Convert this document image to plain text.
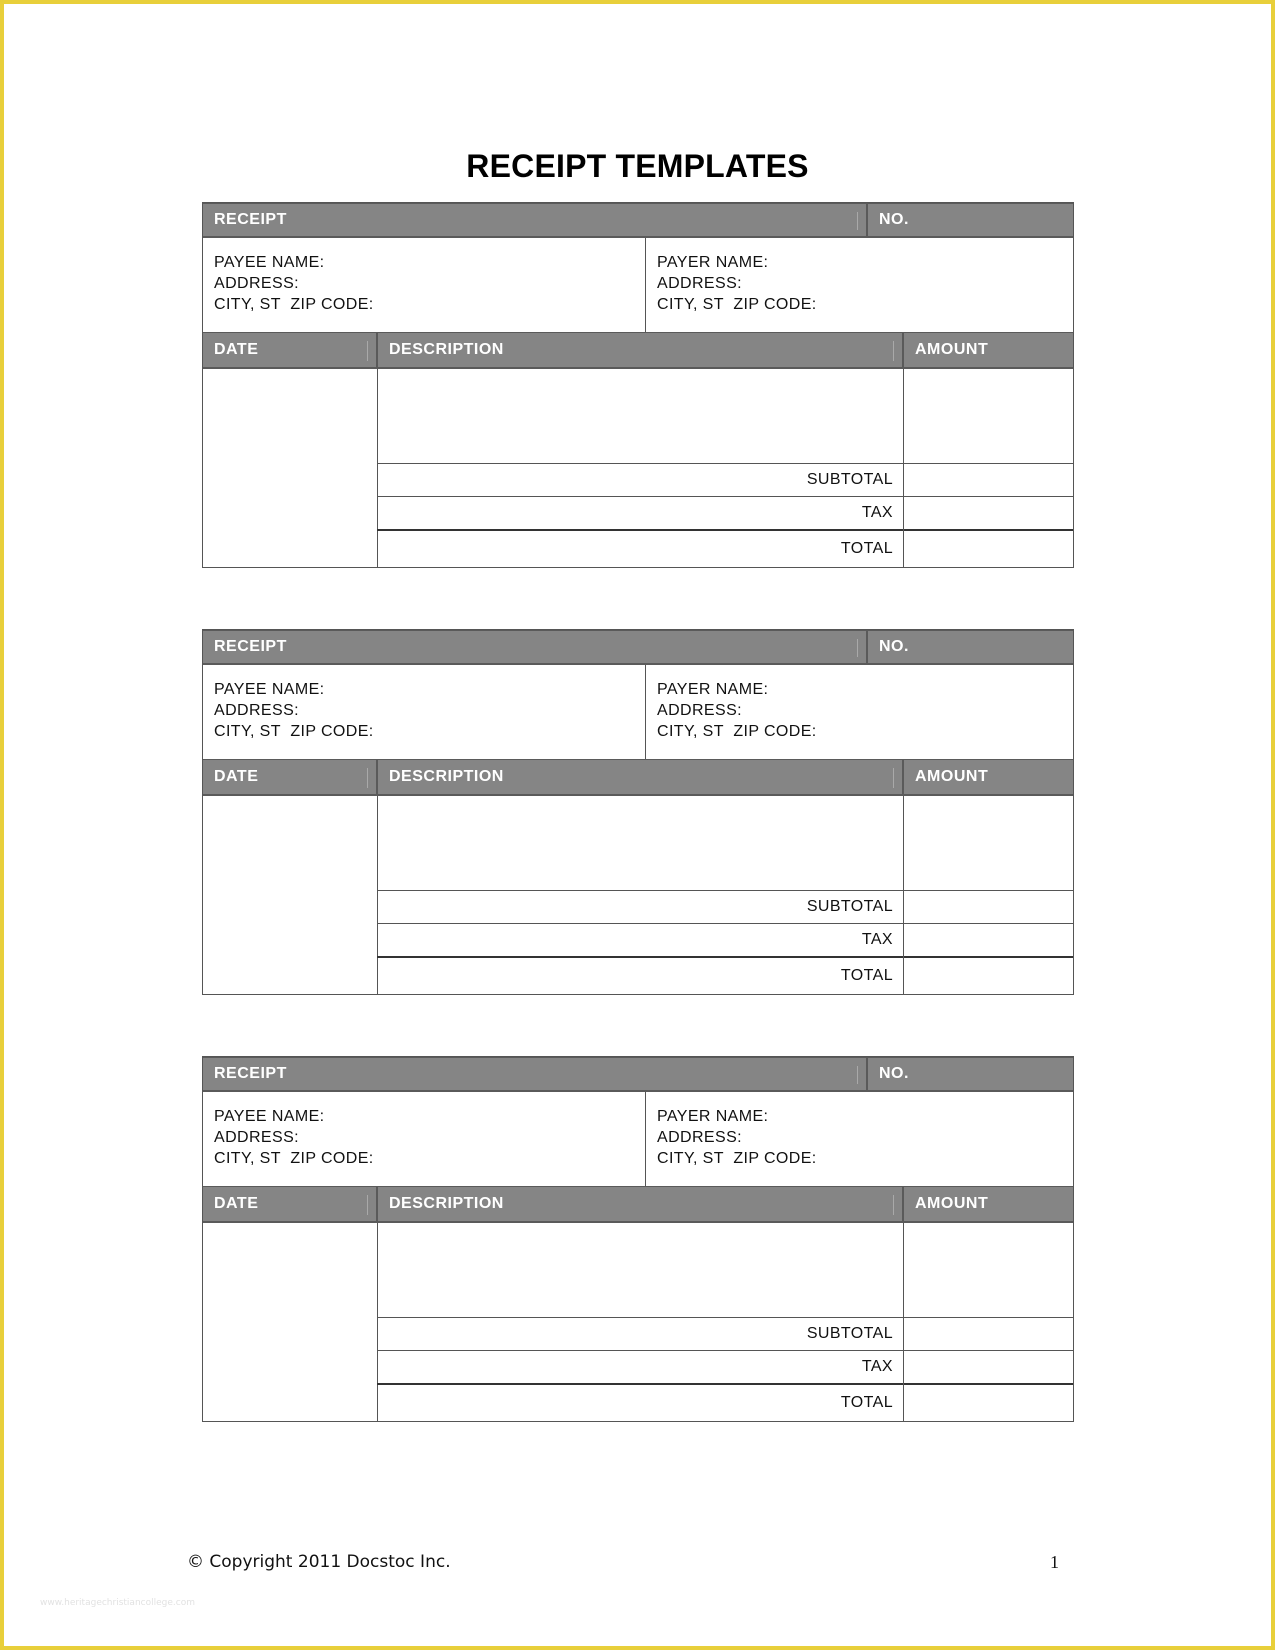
RECEIPT TEMPLATES
RECEIPT	NO.
PAYEE NAME:
ADDRESS:
CITY, ST  ZIP CODE:
PAYER NAME:
ADDRESS:
CITY, ST  ZIP CODE:
DATE	DESCRIPTION	AMOUNT
SUBTOTAL
TAX
TOTAL
RECEIPT	NO.
PAYEE NAME:
ADDRESS:
CITY, ST  ZIP CODE:
PAYER NAME:
ADDRESS:
CITY, ST  ZIP CODE:
DATE	DESCRIPTION	AMOUNT
SUBTOTAL
TAX
TOTAL
RECEIPT	NO.
PAYEE NAME:
ADDRESS:
CITY, ST  ZIP CODE:
PAYER NAME:
ADDRESS:
CITY, ST  ZIP CODE:
DATE	DESCRIPTION	AMOUNT
SUBTOTAL
TAX
TOTAL
© Copyright 2011 Docstoc Inc.	1
www.heritagechristiancollege.com
